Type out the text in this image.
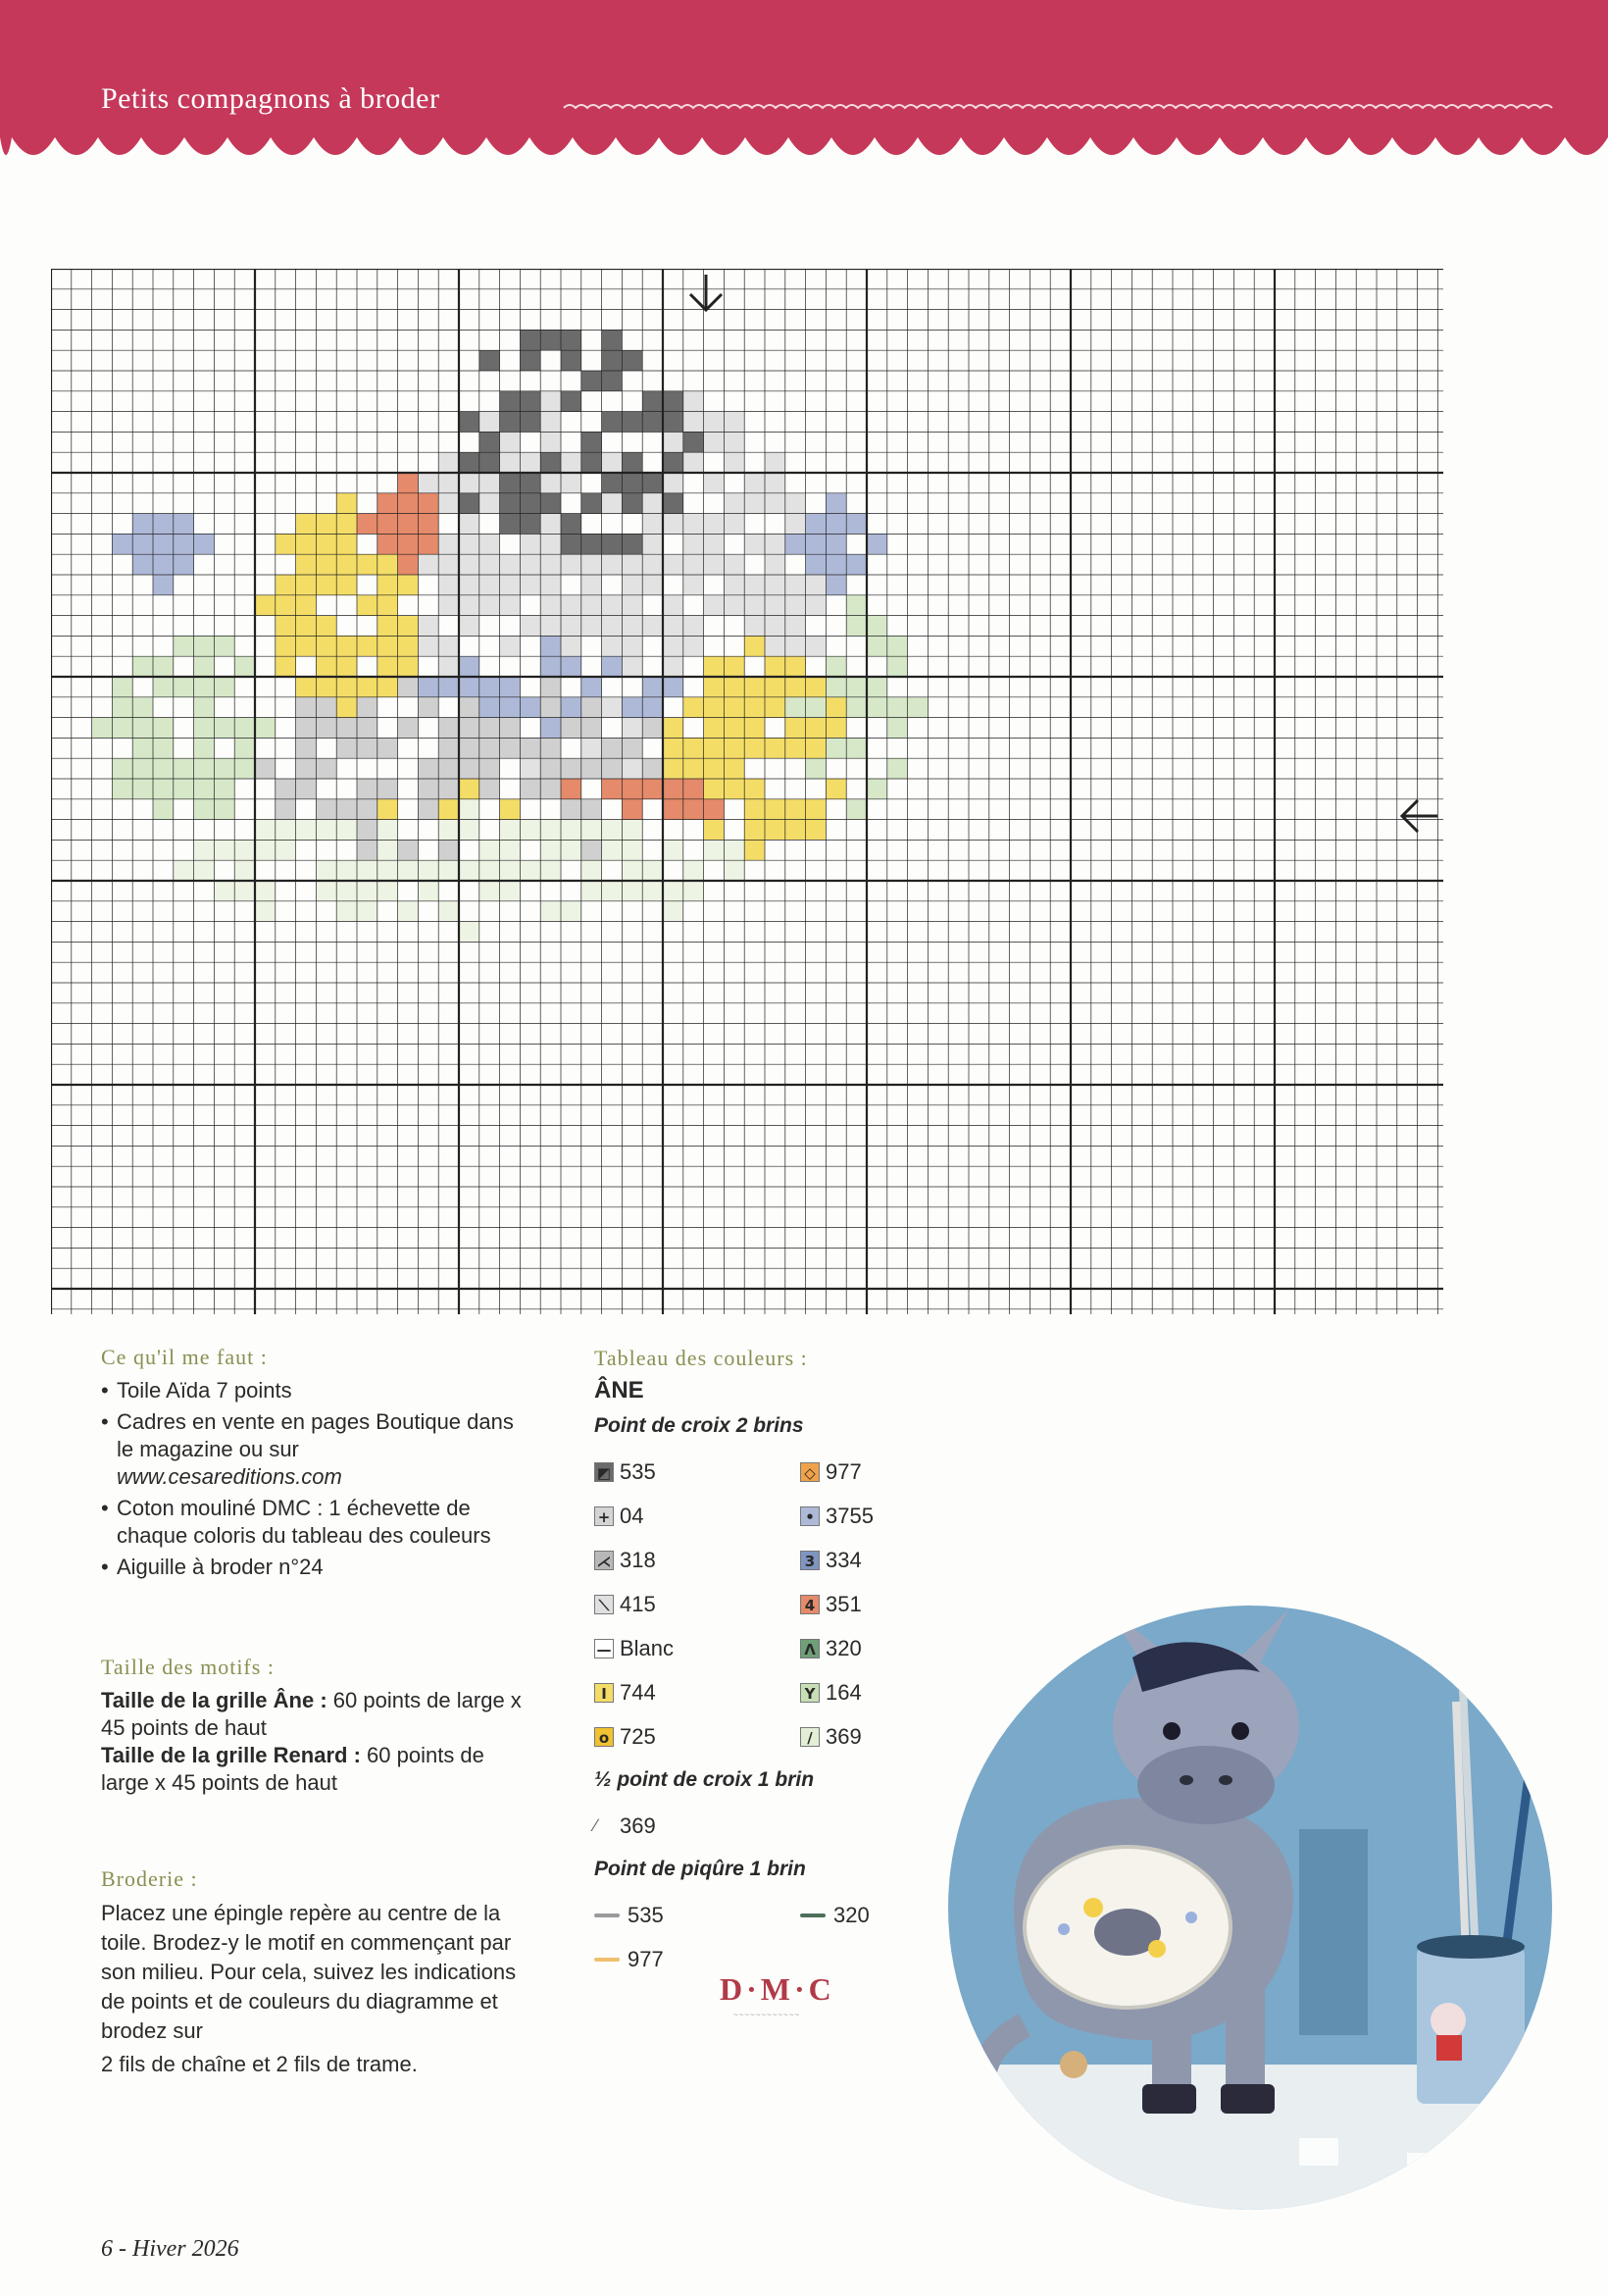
Petits compagnons à broder
Ce qu'il me faut :
• Toile Aïda 7 points
• Cadres en vente en pages Boutique dans le magazine ou sur
www.cesareditions.com
• Coton mouliné DMC : 1 échevette de chaque coloris du tableau des couleurs
• Aiguille à broder n°24
Taille des motifs :

Taille de la grille Âne : 60 points de large x 45 points de haut

Taille de la grille Renard : 60 points de large x 45 points de haut

Broderie :

Placez une épingle repère au centre de la toile. Brodez-y le motif en commençant par son milieu. Pour cela, suivez les indications de points et de couleurs du diagramme et brodez sur

2 fils de chaîne et 2 fils de trame.

Tableau des couleurs :
ÂNE
Point de croix 2 brins
◩ 535	◇ 977
+ 04	• 3755
⋌ 318	3 334
⟍ 415	4 351
— Blanc	Λ 320
I 744	Y 164
o 725	∕ 369
½ point de croix 1 brin
∕	369
Point de piqûre 1 brin
535	320
977
D·M·C
~~~~~~~~~~~~
6 - Hiver 2026
